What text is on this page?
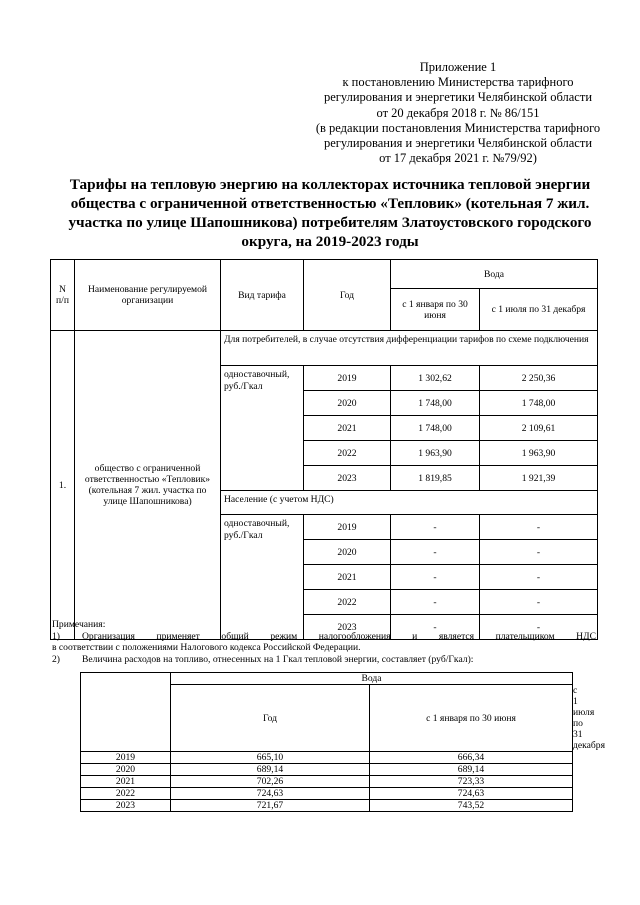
Приложение 1
к постановлению Министерства тарифного
регулирования и энергетики Челябинской области
от 20 декабря 2018 г. № 86/151
(в редакции постановления Министерства тарифного
регулирования и энергетики Челябинской области
от 17 декабря 2021 г. №79/92)
Тарифы на тепловую энергию на коллекторах источника тепловой энергии
общества с ограниченной ответственностью «Тепловик» (котельная 7 жил.
участка по улице Шапошникова) потребителям Златоустовского городского
округа, на 2019-2023 годы
N п/п	Наименование регулируемой организации	Вид тарифа	Год	Вода	
				с 1 января по 30 июня	с 1 июля по 31 декабря
1.	общество с ограниченной ответственностью «Тепловик» (котельная 7 жил. участка по улице Шапошникова)	Для потребителей, в случае отсутствия дифференциации тарифов по схеме подключения			
		одноставочный, руб./Гкал	2019	1 302,62	2 250,36
			2020	1 748,00	1 748,00
			2021	1 748,00	2 109,61
			2022	1 963,90	1 963,90
			2023	1 819,85	1 921,39
		Население (с учетом НДС)			
		одноставочный, руб./Гкал	2019	-	-
			2020	-	-
			2021	-	-
			2022	-	-
			2023	-	-
Примечания:
1)	Организация применяет общий режим налогообложения и является плательщиком НДС
в соответствии с положениями Налогового кодекса Российской Федерации.
2)	Величина расходов на топливо, отнесенных на 1 Гкал тепловой энергии, составляет (руб/Гкал):
	Вода		
	Год	с 1 января по 30 июня	с 1 июля по 31 декабря
2019	665,10	666,34	
2020	689,14	689,14	
2021	702,26	723,33	
2022	724,63	724,63	
2023	721,67	743,52	
